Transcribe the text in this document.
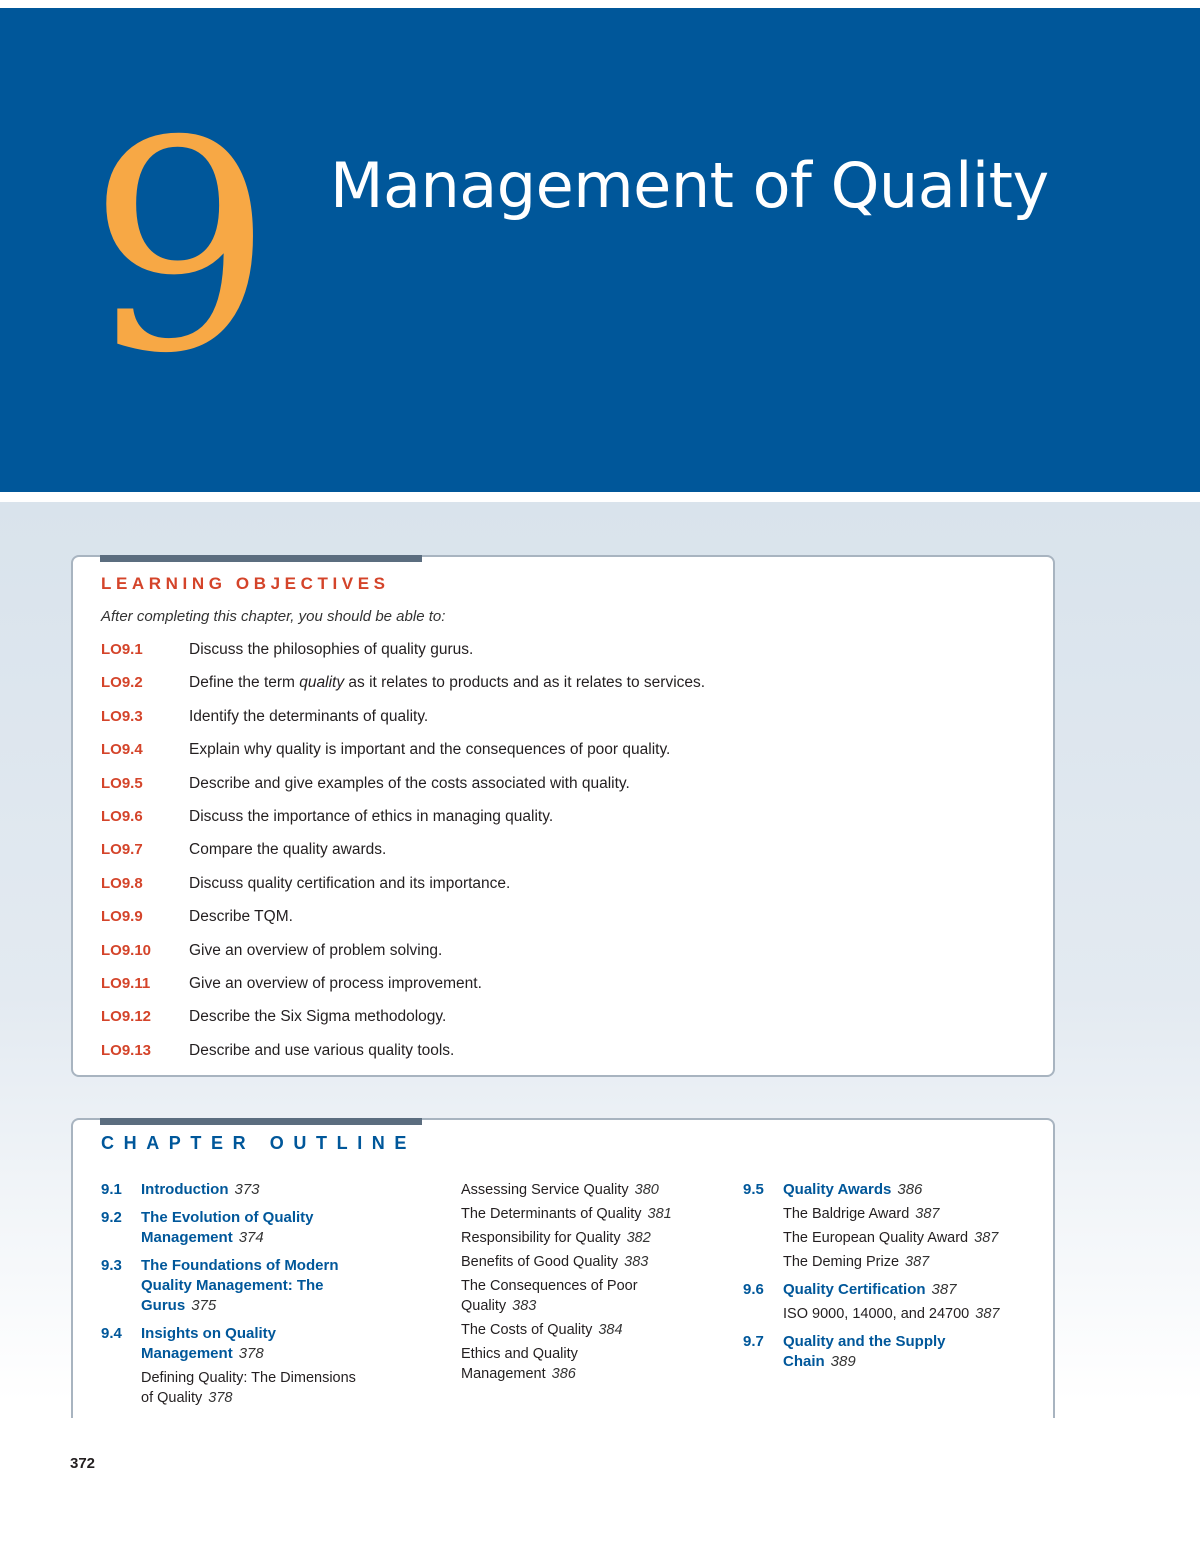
9 Management of Quality
LEARNING OBJECTIVES
After completing this chapter, you should be able to:
LO9.1	Discuss the philosophies of quality gurus.
LO9.2	Define the term quality as it relates to products and as it relates to services.
LO9.3	Identify the determinants of quality.
LO9.4	Explain why quality is important and the consequences of poor quality.
LO9.5	Describe and give examples of the costs associated with quality.
LO9.6	Discuss the importance of ethics in managing quality.
LO9.7	Compare the quality awards.
LO9.8	Discuss quality certification and its importance.
LO9.9	Describe TQM.
LO9.10	Give an overview of problem solving.
LO9.11	Give an overview of process improvement.
LO9.12	Describe the Six Sigma methodology.
LO9.13	Describe and use various quality tools.
CHAPTER OUTLINE
9.1	Introduction 373
9.2	The Evolution of Quality
Management 374
9.3	The Foundations of Modern
Quality Management: The
Gurus 375
9.4	Insights on Quality
Management 378
Defining Quality: The Dimensions
of Quality 378
Assessing Service Quality 380
The Determinants of Quality 381
Responsibility for Quality 382
Benefits of Good Quality 383
The Consequences of Poor
Quality 383
The Costs of Quality 384
Ethics and Quality
Management 386
9.5	Quality Awards 386
The Baldrige Award 387
The European Quality Award 387
The Deming Prize 387
9.6	Quality Certification 387
ISO 9000, 14000, and 24700 387
9.7	Quality and the Supply
Chain 389
372
